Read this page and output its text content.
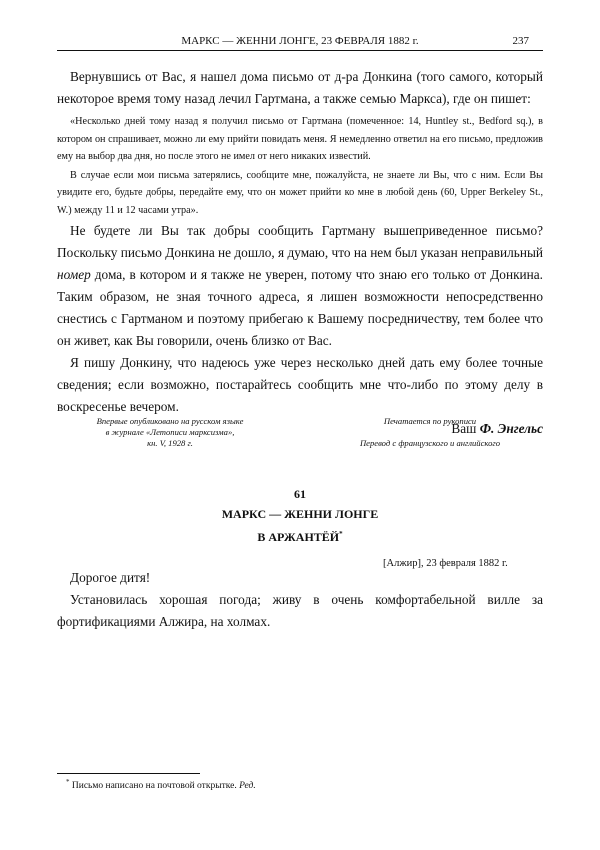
МАРКС — ЖЕННИ ЛОНГЕ, 23 ФЕВРАЛЯ 1882 г.	237

Вернувшись от Вас, я нашел дома письмо от д-ра Донкина (того самого, который некоторое время тому назад лечил Гартмана, а также семью Маркса), где он пишет:

«Несколько дней тому назад я получил письмо от Гартмана (помеченное: 14, Huntley st., Bedford sq.), в котором он спрашивает, можно ли ему прийти повидать меня. Я немедленно ответил на его письмо, предложив ему на выбор два дня, но после этого не имел от него никаких известий.

В случае если мои письма затерялись, сообщите мне, пожалуйста, не знаете ли Вы, что с ним. Если Вы увидите его, будьте добры, передайте ему, что он может прийти ко мне в любой день (60, Upper Berkeley St., W.) между 11 и 12 часами утра».

Не будете ли Вы так добры сообщить Гартману вышеприведенное письмо? Поскольку письмо Донкина не дошло, я думаю, что на нем был указан неправильный номер дома, в котором и я также не уверен, потому что знаю его только от Донкина. Таким образом, не зная точного адреса, я лишен возможности непосредственно снестись с Гартманом и поэтому прибегаю к Вашему посредничеству, тем более что он живет, как Вы говорили, очень близко от Вас.

Я пишу Донкину, что надеюсь уже через несколько дней дать ему более точные сведения; если возможно, постарайтесь сообщить мне что-либо по этому делу в воскресенье вечером.

Ваш Ф. Энгельс
Впервые опубликовано на русском языке
в журнале «Летописи марксизма»,
кн. V, 1928 г.
Печатается по рукописи
Перевод с французского и английского
61
МАРКС — ЖЕННИ ЛОНГЕ
В АРЖАНТЁЙ*
[Алжир], 23 февраля 1882 г.

Дорогое дитя!

Установилась хорошая погода; живу в очень комфортабельной вилле за фортификациями Алжира, на холмах.

* Письмо написано на почтовой открытке. Ред.
